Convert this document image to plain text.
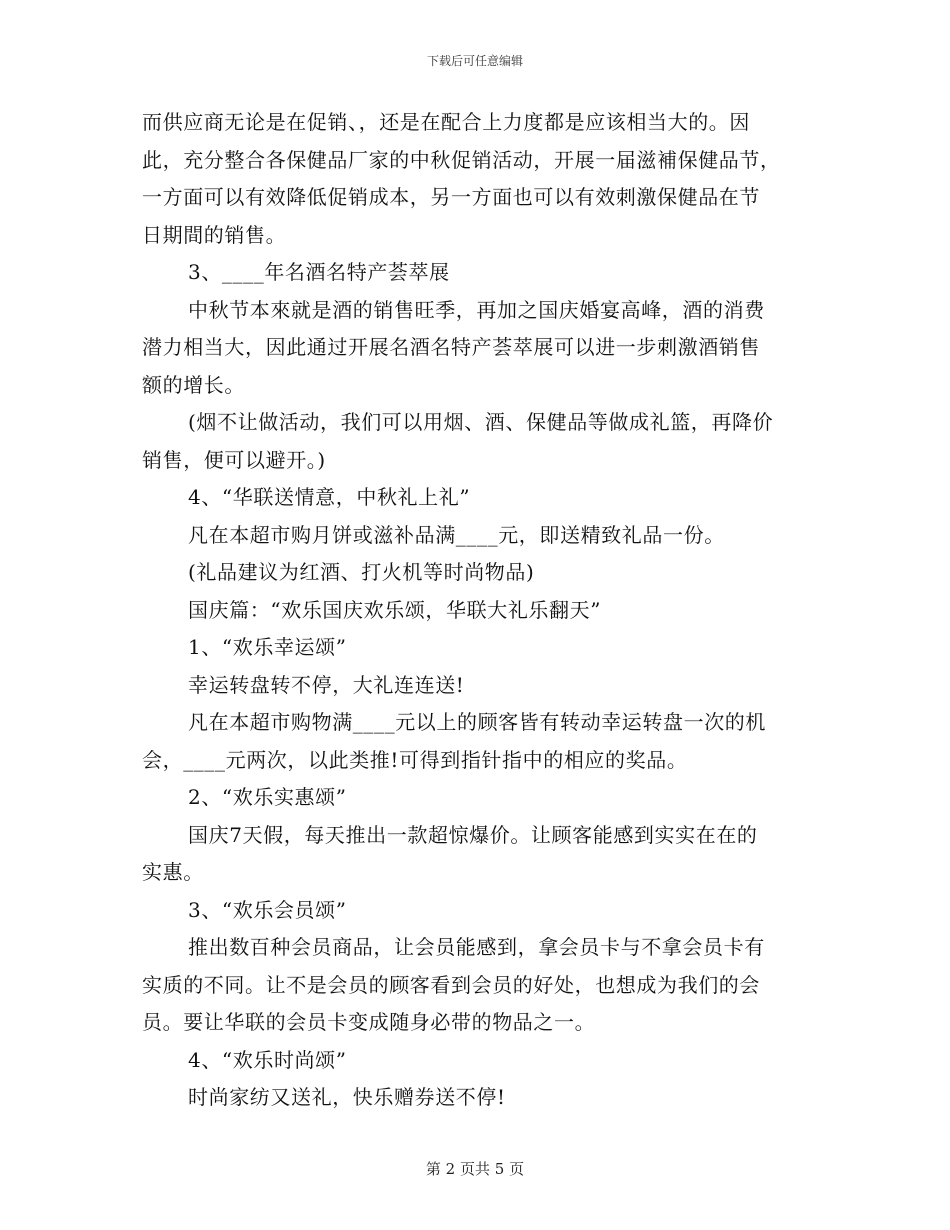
下载后可任意编辑
而供应商无论是在促销、，还是在配合上力度都是应该相当大的。因
此，充分整合各保健品厂家的中秋促销活动，开展一届滋補保健品节，
一方面可以有效降低促销成本，另一方面也可以有效刺激保健品在节
日期間的销售。
3、____年名酒名特产荟萃展
中秋节本來就是酒的销售旺季，再加之国庆婚宴高峰，酒的消费
潜力相当大，因此通过开展名酒名特产荟萃展可以进一步刺激酒销售
额的增长。
(烟不让做活动，我们可以用烟、酒、保健品等做成礼篮，再降价
销售，便可以避开。)
4、“华联送情意，中秋礼上礼”
凡在本超市购月饼或滋补品满____元，即送精致礼品一份。
(礼品建议为红酒、打火机等时尚物品)
国庆篇：“欢乐国庆欢乐颂，华联大礼乐翻天”
1、“欢乐幸运颂”
幸运转盘转不停，大礼连连送!
凡在本超市购物满____元以上的顾客皆有转动幸运转盘一次的机
会，____元两次，以此类推!可得到指针指中的相应的奖品。
2、“欢乐实惠颂”
国庆7天假，每天推出一款超惊爆价。让顾客能感到实实在在的
实惠。
3、“欢乐会员颂”
推出数百种会员商品，让会员能感到，拿会员卡与不拿会员卡有
实质的不同。让不是会员的顾客看到会员的好处，也想成为我们的会
员。要让华联的会员卡变成随身必带的物品之一。
4、“欢乐时尚颂”
时尚家纺又送礼，快乐赠券送不停!
第 2 页共 5 页
